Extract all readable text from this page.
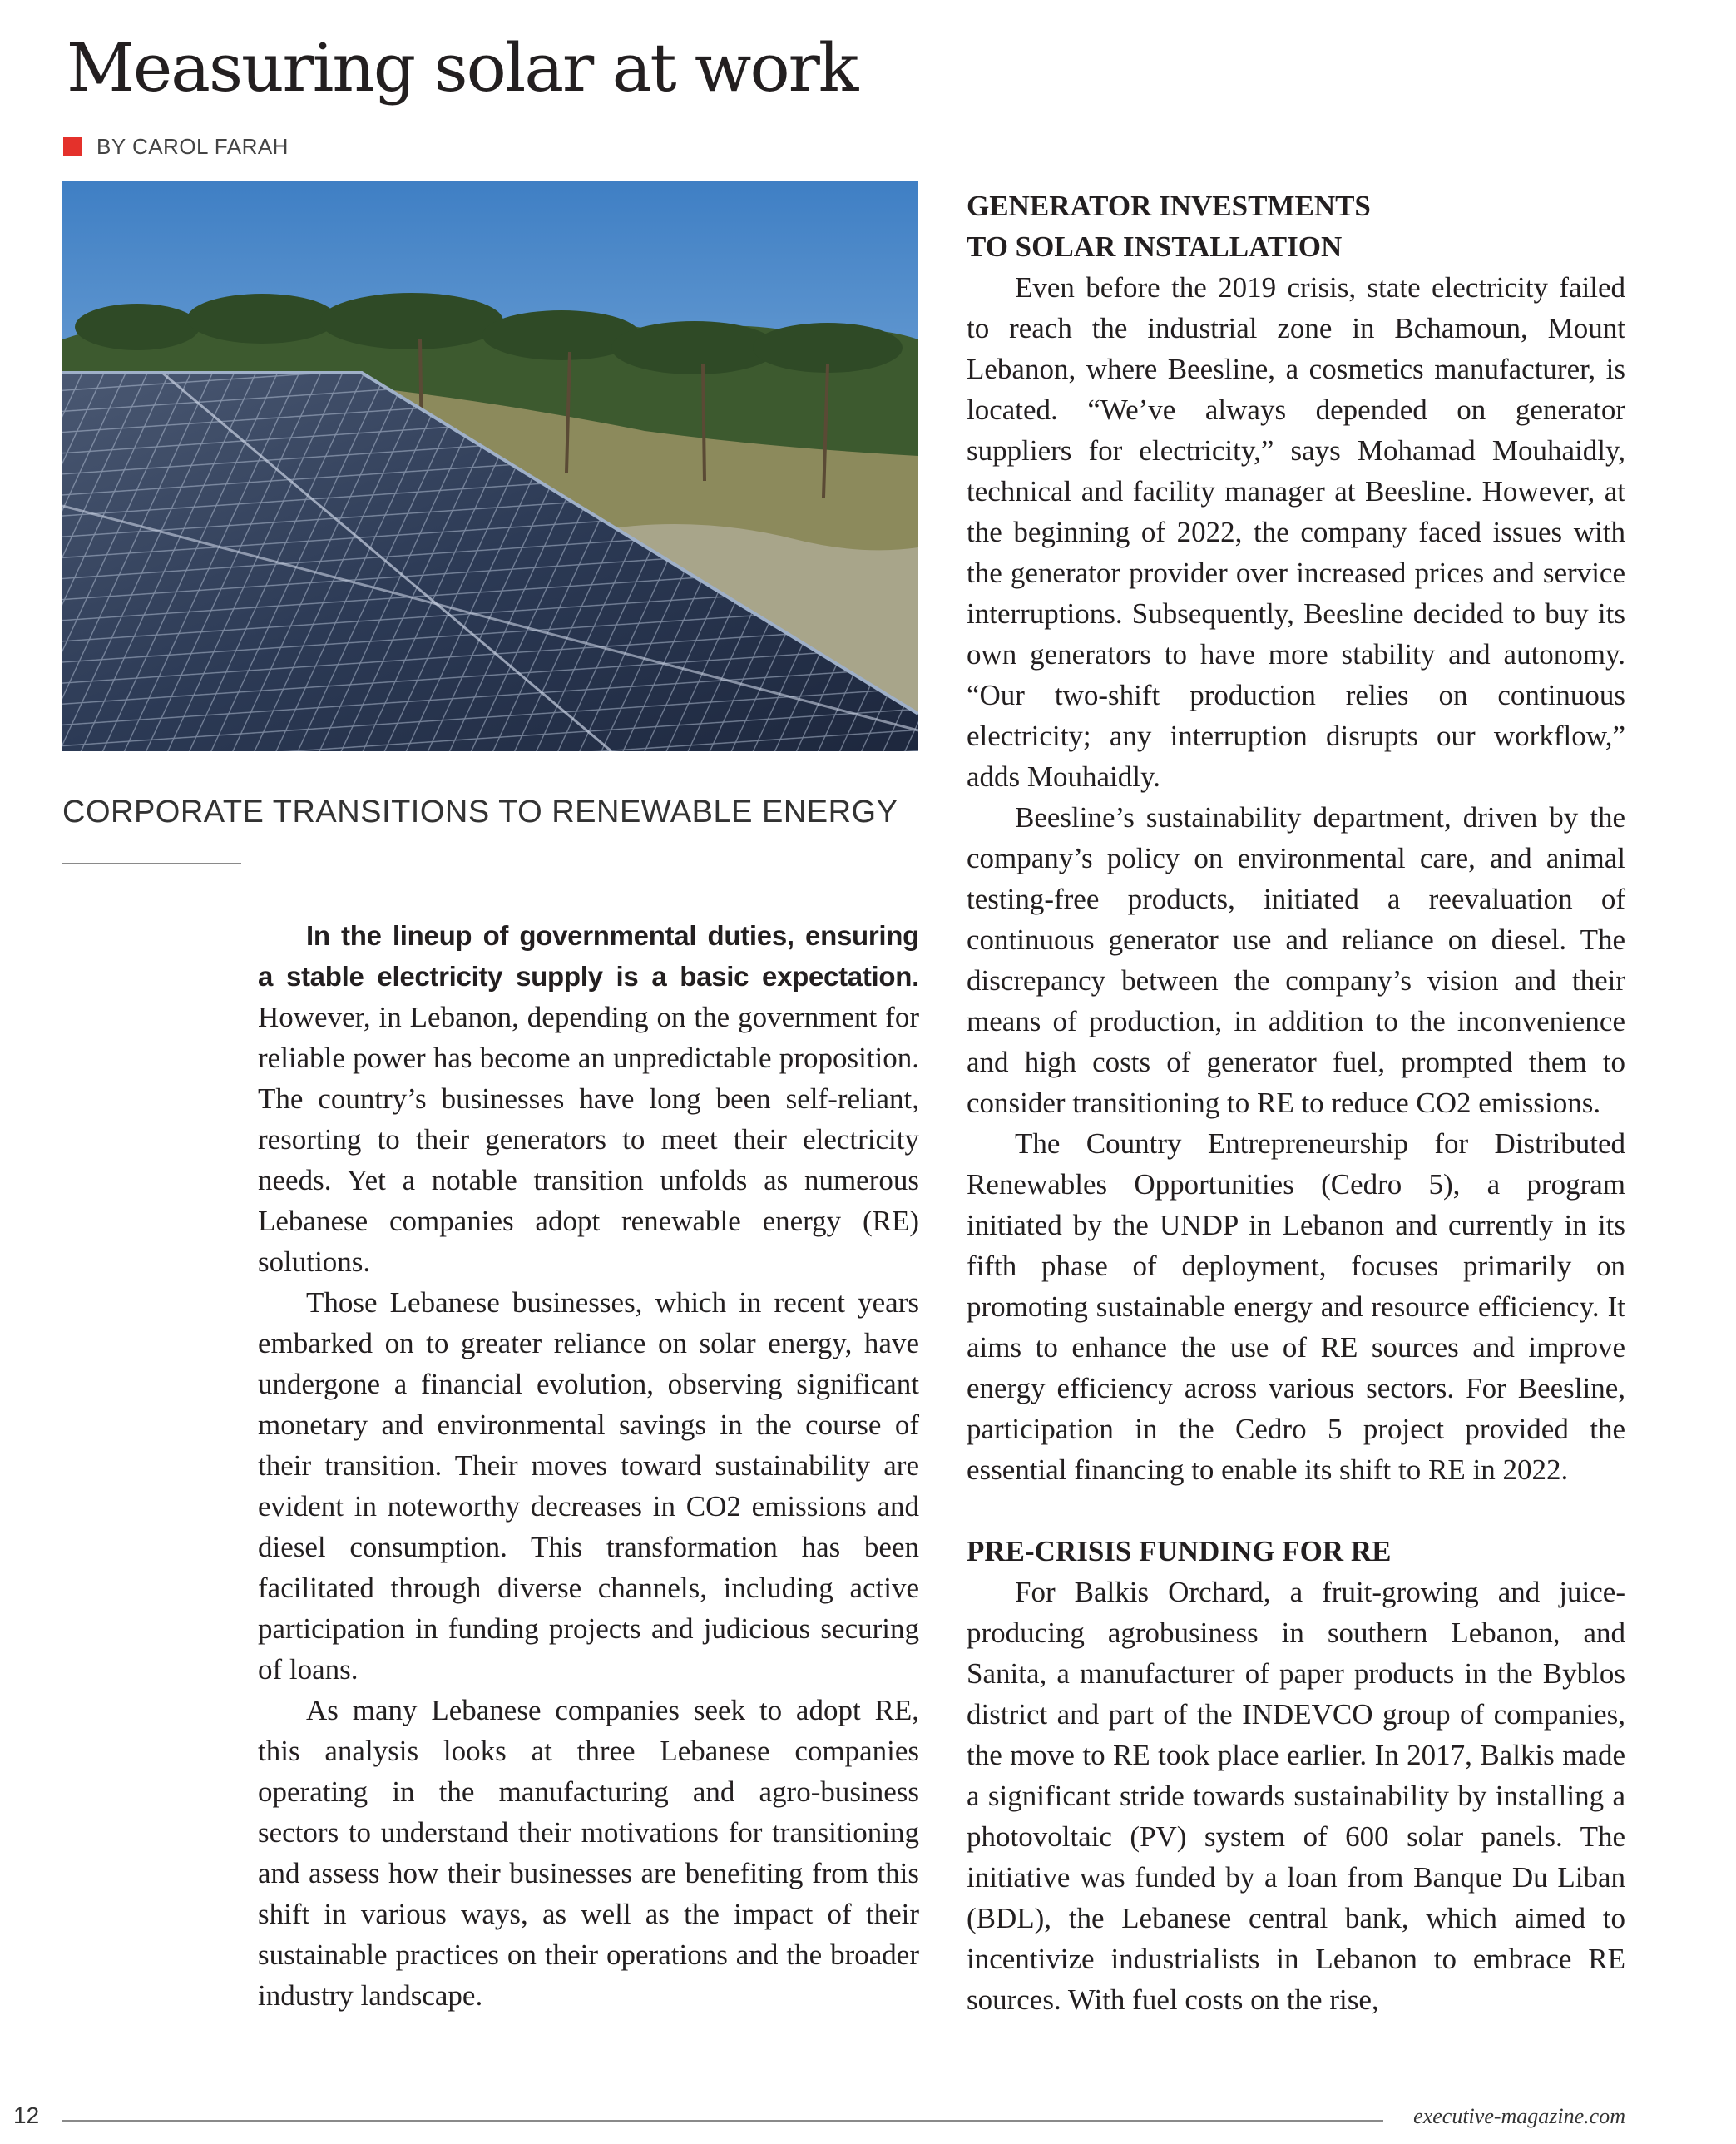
Measuring solar at work
BY CAROL FARAH
CORPORATE TRANSITIONS TO RENEWABLE ENERGY

In the lineup of governmental duties, ensuring a stable electricity supply is a basic expectation. However, in Lebanon, depending on the government for reliable power has become an unpredictable proposition. The country’s businesses have long been self-reliant, resorting to their generators to meet their electricity needs. Yet a notable transition unfolds as numerous Lebanese companies adopt renewable energy (RE) solutions.

Those Lebanese businesses, which in recent years embarked on to greater reliance on solar energy, have undergone a financial evolution, observing significant monetary and environmental savings in the course of their transition. Their moves toward sustainability are evident in noteworthy decreases in CO2 emissions and diesel consumption. This transformation has been facilitated through diverse channels, including active participation in funding projects and judicious securing of loans.

As many Lebanese companies seek to adopt RE, this analysis looks at three Lebanese companies operating in the manufacturing and agro-business sectors to understand their motivations for transitioning and assess how their businesses are benefiting from this shift in various ways, as well as the impact of their sustainable practices on their operations and the broader industry landscape.

GENERATOR INVESTMENTS
TO SOLAR INSTALLATION

Even before the 2019 crisis, state electricity failed to reach the industrial zone in Bchamoun, Mount Lebanon, where Beesline, a cosmetics manufacturer, is located. “We’ve always depended on generator suppliers for electricity,” says Mohamad Mouhaidly, technical and facility manager at Beesline. However, at the beginning of 2022, the company faced issues with the generator provider over increased prices and service interruptions. Subsequently, Beesline decided to buy its own generators to have more stability and autonomy. “Our two-shift production relies on continuous electricity; any interruption disrupts our workflow,” adds Mouhaidly.

Beesline’s sustainability department, driven by the company’s policy on environmental care, and animal testing-free products, initiated a reevaluation of continuous generator use and reliance on diesel. The discrepancy between the company’s vision and their means of production, in addition to the inconvenience and high costs of generator fuel, prompted them to consider transitioning to RE to reduce CO2 emissions.

The Country Entrepreneurship for Distributed Renewables Opportunities (Cedro 5), a program initiated by the UNDP in Lebanon and currently in its fifth phase of deployment, focuses primarily on promoting sustainable energy and resource efficiency. It aims to enhance the use of RE sources and improve energy efficiency across various sectors. For Beesline, participation in the Cedro 5 project provided the essential financing to enable its shift to RE in 2022.

PRE-CRISIS FUNDING FOR RE

For Balkis Orchard, a fruit-growing and juice-producing agrobusiness in southern Lebanon, and Sanita, a manufacturer of paper products in the Byblos district and part of the INDEVCO group of companies, the move to RE took place earlier. In 2017, Balkis made a significant stride towards sustainability by installing a photovoltaic (PV) system of 600 solar panels. The initiative was funded by a loan from Banque Du Liban (BDL), the Lebanese central bank, which aimed to incentivize industrialists in Lebanon to embrace RE sources. With fuel costs on the rise,

12	executive-magazine.com
